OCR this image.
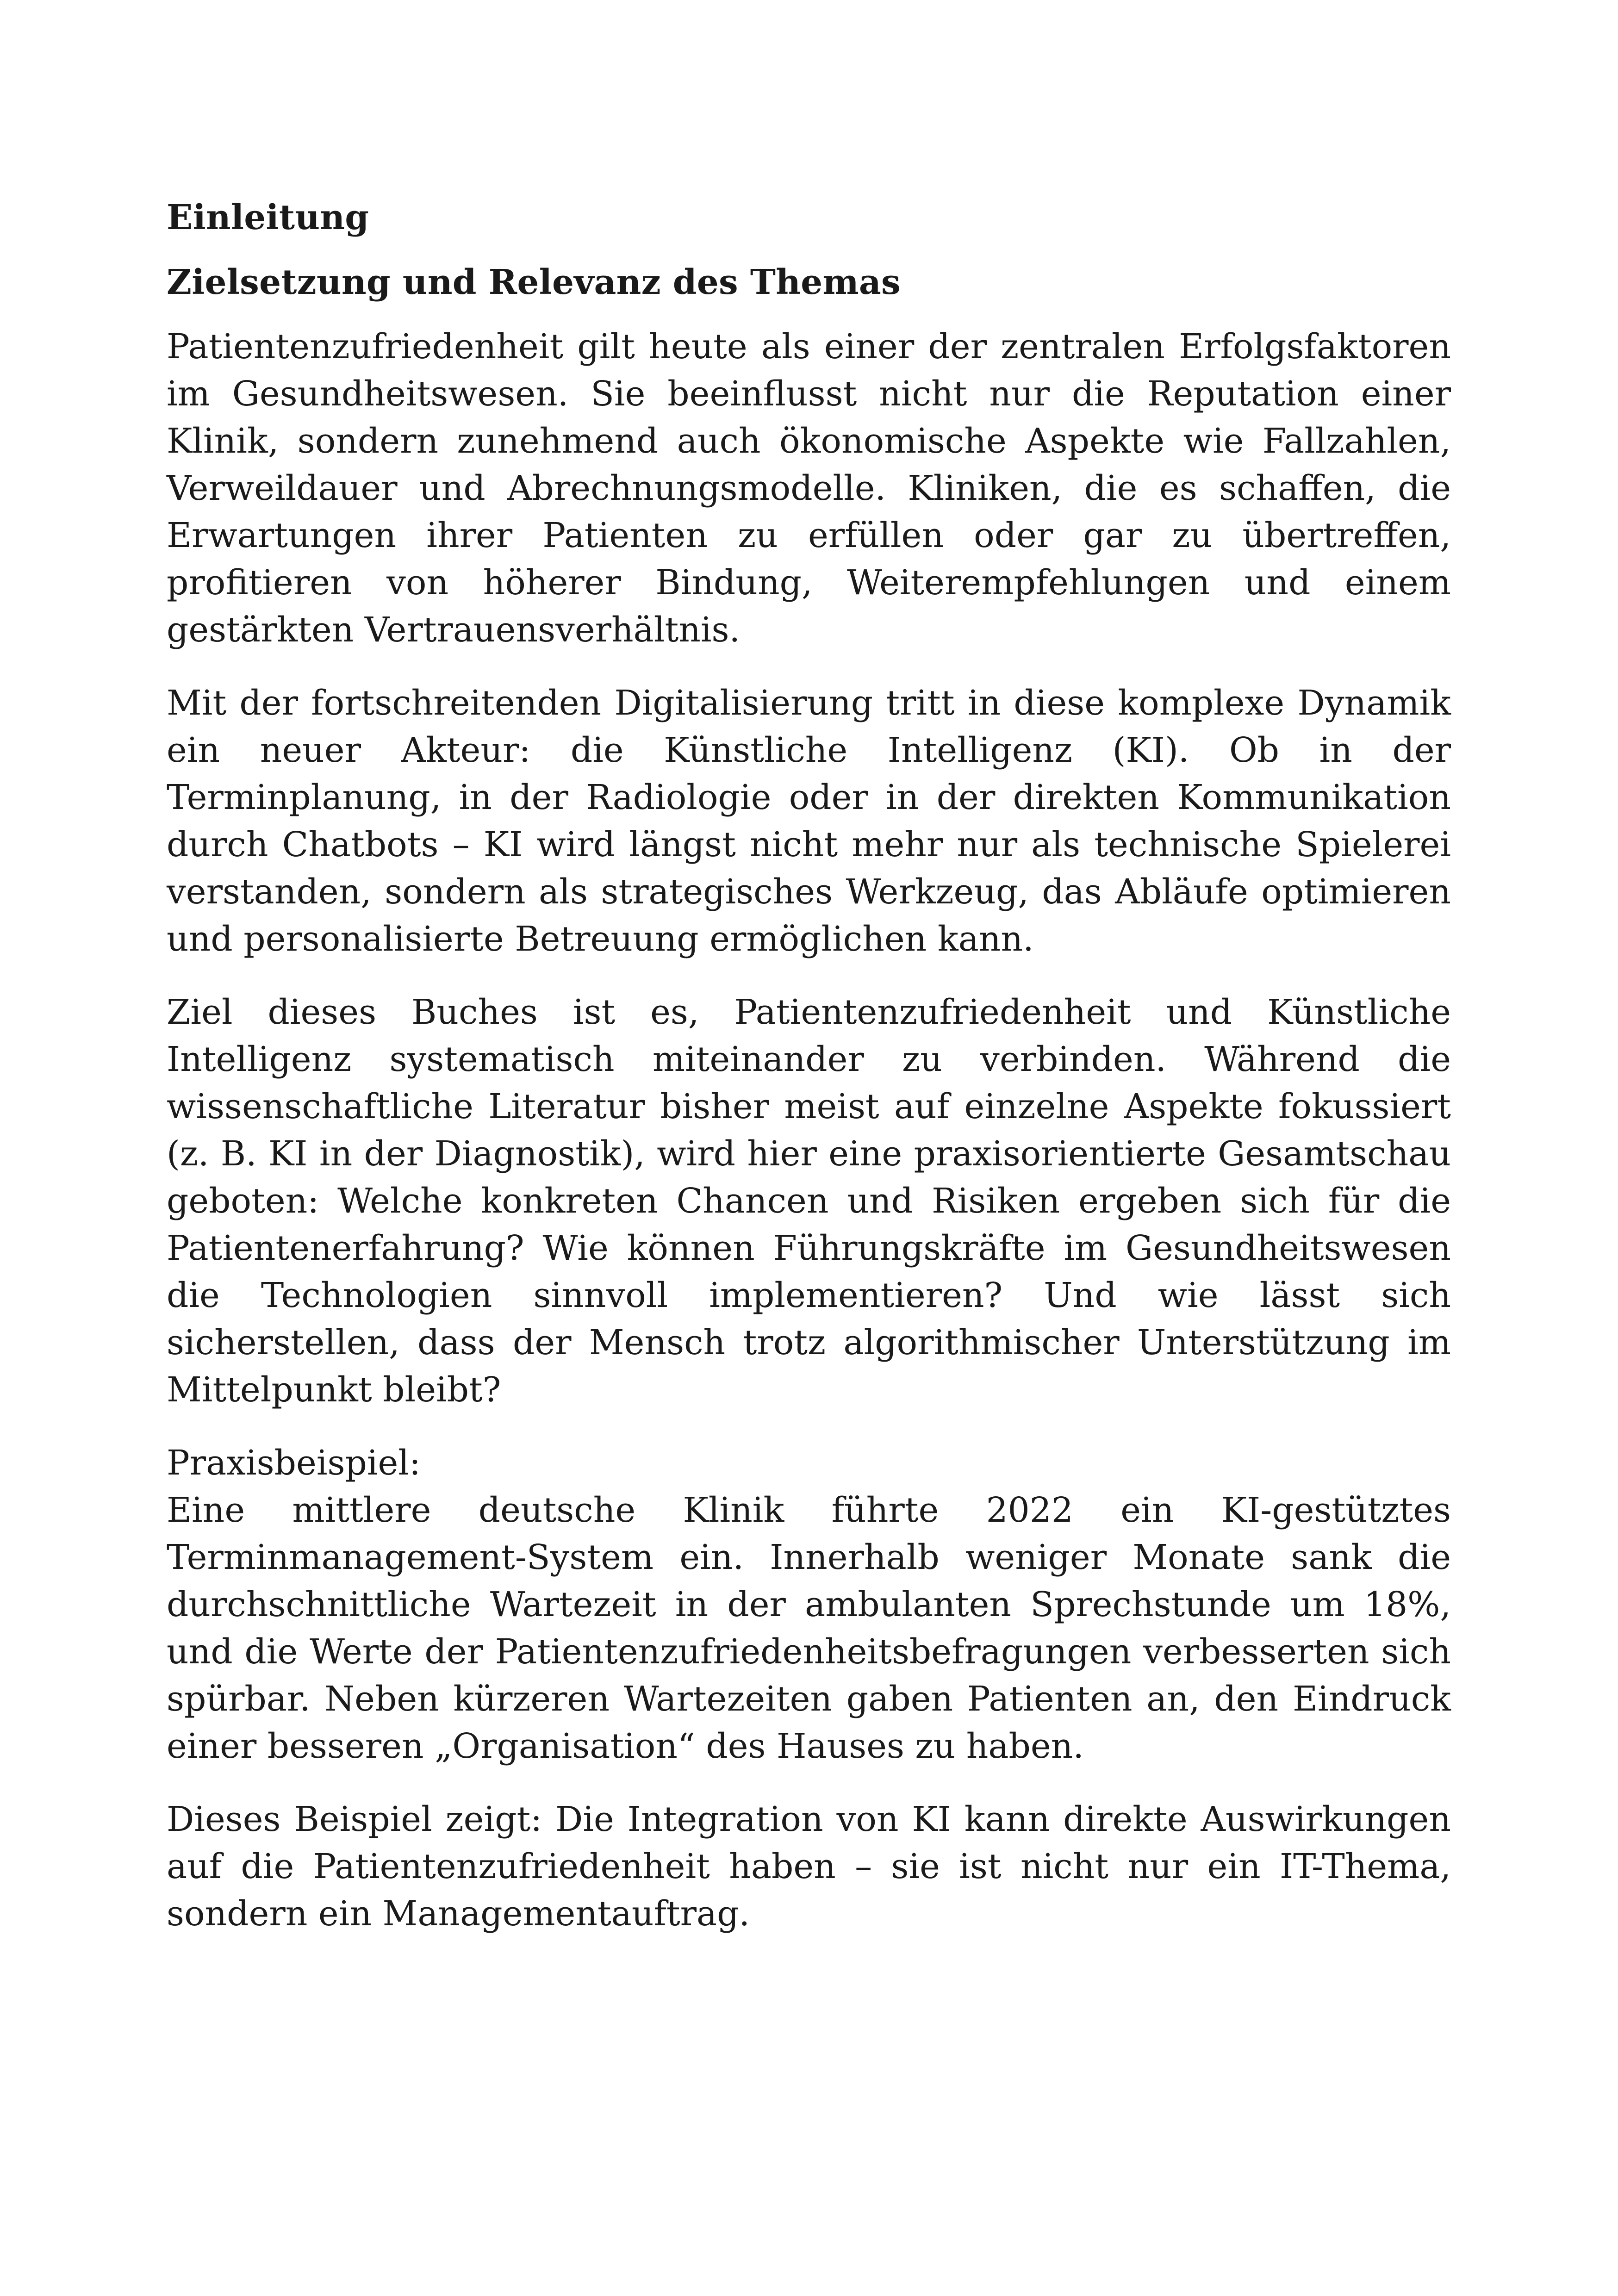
Einleitung
Zielsetzung und Relevanz des Themas

Patientenzufriedenheit gilt heute als einer der zentralen Erfolgsfaktoren im Gesundheitswesen. Sie beeinflusst nicht nur die Reputation einer Klinik, sondern zunehmend auch ökonomische Aspekte wie Fallzahlen, Verweildauer und Abrechnungsmodelle. Kliniken, die es schaffen, die Erwartungen ihrer Patienten zu erfüllen oder gar zu übertreffen, profitieren von höherer Bindung, Weiterempfehlungen und einem gestärkten Vertrauensverhältnis.

Mit der fortschreitenden Digitalisierung tritt in diese komplexe Dynamik ein neuer Akteur: die Künstliche Intelligenz (KI). Ob in der Terminplanung, in der Radiologie oder in der direkten Kommunikation durch Chatbots – KI wird längst nicht mehr nur als technische Spielerei verstanden, sondern als strategisches Werkzeug, das Abläufe optimieren und personalisierte Betreuung ermöglichen kann.

Ziel dieses Buches ist es, Patientenzufriedenheit und Künstliche Intelligenz systematisch miteinander zu verbinden. Während die wissenschaftliche Literatur bisher meist auf einzelne Aspekte fokussiert (z. B. KI in der Diagnostik), wird hier eine praxisorientierte Gesamtschau geboten: Welche konkreten Chancen und Risiken ergeben sich für die Patientenerfahrung? Wie können Führungskräfte im Gesundheitswesen die Technologien sinnvoll implementieren? Und wie lässt sich sicherstellen, dass der Mensch trotz algorithmischer Unterstützung im Mittelpunkt bleibt?

Praxisbeispiel:

Eine mittlere deutsche Klinik führte 2022 ein KI-gestütztes Terminmanagement-System ein. Innerhalb weniger Monate sank die durchschnittliche Wartezeit in der ambulanten Sprechstunde um 18%, und die Werte der Patientenzufriedenheitsbefragungen verbesserten sich spürbar. Neben kürzeren Wartezeiten gaben Patienten an, den Eindruck einer besseren „Organisation“ des Hauses zu haben.

Dieses Beispiel zeigt: Die Integration von KI kann direkte Auswirkungen auf die Patientenzufriedenheit haben – sie ist nicht nur ein IT-Thema, sondern ein Managementauftrag.
